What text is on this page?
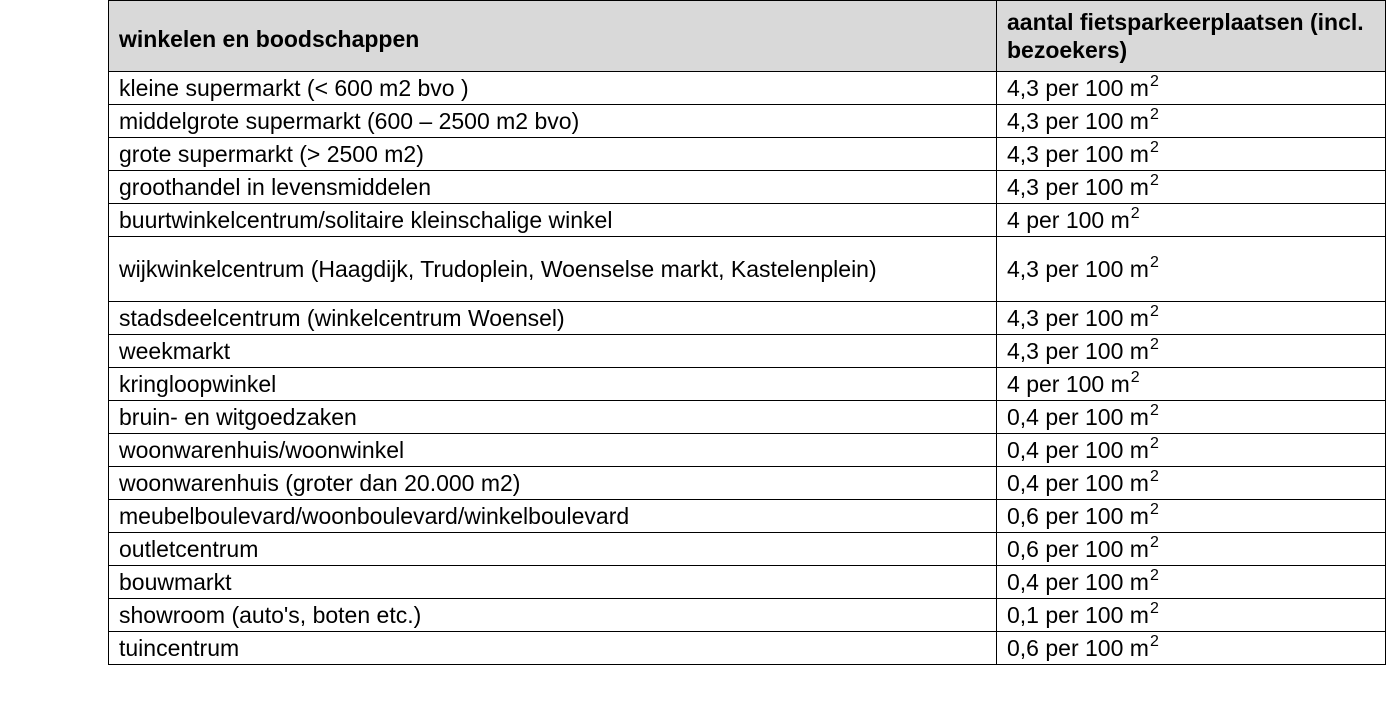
winkelen en boodschappen	aantal fietsparkeerplaatsen (incl. bezoekers)
kleine supermarkt (< 600 m2 bvo )	4,3 per 100 $m^2$
middelgrote supermarkt (600 – 2500 m2 bvo)	4,3 per 100 $m^2$
grote supermarkt (> 2500 m2)	4,3 per 100 $m^2$
groothandel in levensmiddelen	4,3 per 100 $m^2$
buurtwinkelcentrum/solitaire kleinschalige winkel	4 per 100 $m^2$
wijkwinkelcentrum (Haagdijk, Trudoplein, Woenselse markt, Kastelenplein)	4,3 per 100 $m^2$
stadsdeelcentrum (winkelcentrum Woensel)	4,3 per 100 $m^2$
weekmarkt	4,3 per 100 $m^2$
kringloopwinkel	4 per 100 $m^2$
bruin- en witgoedzaken	0,4 per 100 $m^2$
woonwarenhuis/woonwinkel	0,4 per 100 $m^2$
woonwarenhuis (groter dan 20.000 m2)	0,4 per 100 $m^2$
meubelboulevard/woonboulevard/winkelboulevard	0,6 per 100 $m^2$
outletcentrum	0,6 per 100 $m^2$
bouwmarkt	0,4 per 100 $m^2$
showroom (auto's, boten etc.)	0,1 per 100 $m^2$
tuincentrum	0,6 per 100 $m^2$
